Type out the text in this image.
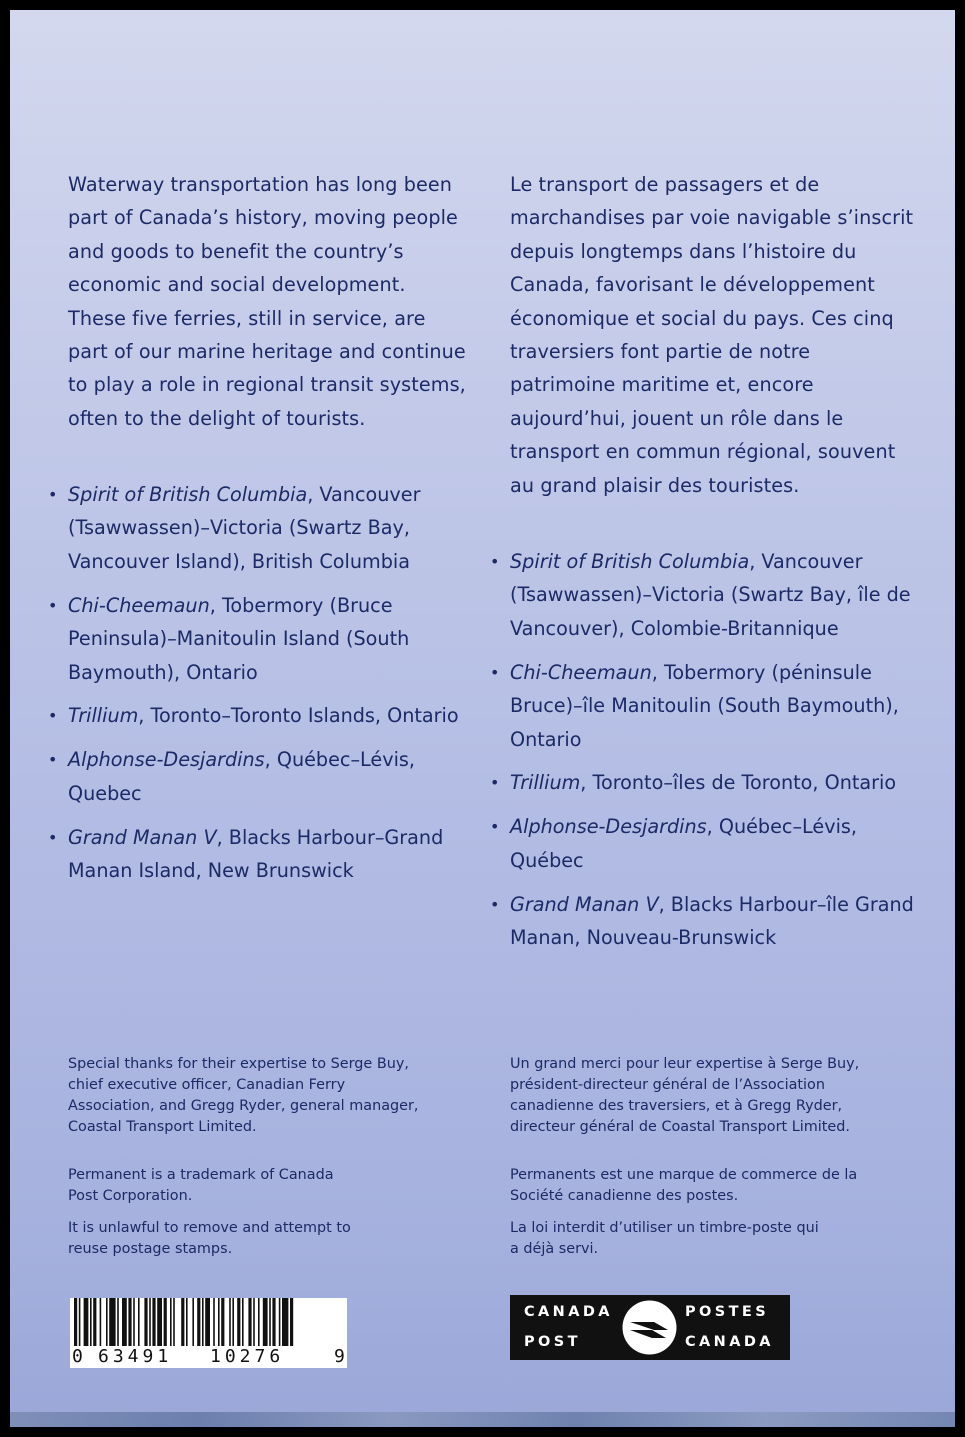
Waterway transportation has long been part of Canada’s history, moving people and goods to benefit the country’s economic and social development. These five ferries, still in service, are part of our marine heritage and continue to play a role in regional transit systems, often to the delight of tourists.

• Spirit of British Columbia, Vancouver (Tsawwassen)–Victoria (Swartz Bay, Vancouver Island), British Columbia
• Chi-Cheemaun, Tobermory (Bruce Peninsula)–Manitoulin Island (South Baymouth), Ontario
• Trillium, Toronto–Toronto Islands, Ontario
• Alphonse-Desjardins, Québec–Lévis, Quebec
• Grand Manan V, Blacks Harbour–Grand Manan Island, New Brunswick

Special thanks for their expertise to Serge Buy, chief executive officer, Canadian Ferry Association, and Gregg Ryder, general manager, Coastal Transport Limited.

Permanent is a trademark of Canada Post Corporation.

It is unlawful to remove and attempt to reuse postage stamps.

Le transport de passagers et de marchandises par voie navigable s’inscrit depuis longtemps dans l’histoire du Canada, favorisant le développement économique et social du pays. Ces cinq traversiers font partie de notre patrimoine maritime et, encore aujourd’hui, jouent un rôle dans le transport en commun régional, souvent au grand plaisir des touristes.

• Spirit of British Columbia, Vancouver (Tsawwassen)–Victoria (Swartz Bay, île de Vancouver), Colombie-Britannique
• Chi-Cheemaun, Tobermory (péninsule Bruce)–île Manitoulin (South Baymouth), Ontario
• Trillium, Toronto–îles de Toronto, Ontario
• Alphonse-Desjardins, Québec–Lévis, Québec
• Grand Manan V, Blacks Harbour–île Grand Manan, Nouveau-Brunswick

Un grand merci pour leur expertise à Serge Buy, président-directeur général de l’Association canadienne des traversiers, et à Gregg Ryder, directeur général de Coastal Transport Limited.

Permanents est une marque de commerce de la Société canadienne des postes.

La loi interdit d’utiliser un timbre-poste qui a déjà servi.

0 63491 10276	9
CANADA
POST
POSTES
CANADA
